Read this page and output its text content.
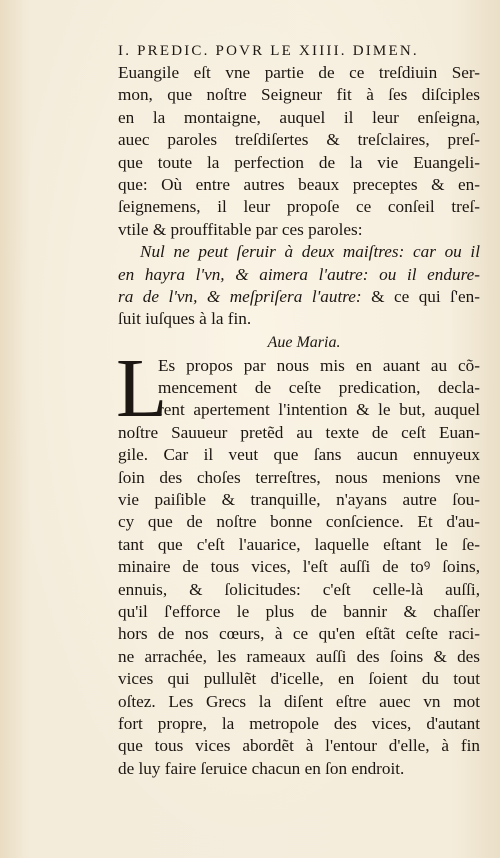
I. PREDIC. POVR LE XIIII. DIMEN.
Euangile eſt vne partie de ce treſdiuin Ser-
mon, que noſtre Seigneur fit à ſes diſciples
en la montaigne, auquel il leur enſeigna,
auec paroles treſdiſertes & treſclaires, preſ-
que toute la perfection de la vie Euangeli-
que: Où entre autres beaux preceptes & en-
ſeignemens, il leur propoſe ce conſeil treſ-
vtile & prouffitable par ces paroles:
Nul ne peut ſeruir à deux maiſtres: car ou il
en hayra l'vn, & aimera l'autre: ou il endure-
ra de l'vn, & meſpriſera l'autre: & ce qui ſ'en-
ſuit iuſques à la fin.
Aue Maria.
L
Es propos par nous mis en auant au cõ-
mencement de ceſte predication, decla-
rent apertement l'intention & le but, auquel
noſtre Sauueur pretẽd au texte de ceſt Euan-
gile. Car il veut que ſans aucun ennuyeux
ſoin des choſes terreſtres, nous menions vne
vie paiſible & tranquille, n'ayans autre ſou-
cy que de noſtre bonne conſcience. Et d'au-
tant que c'eſt l'auarice, laquelle eſtant le ſe-
minaire de tous vices, l'eſt auſſi de toꝰ ſoins,
ennuis, & ſolicitudes: c'eſt celle-là auſſi,
qu'il ſ'efforce le plus de bannir & chaſſer
hors de nos cœurs, à ce qu'en eſtãt ceſte raci-
ne arrachée, les rameaux auſſi des ſoins & des
vices qui pullulẽt d'icelle, en ſoient du tout
oſtez. Les Grecs la diſent eſtre auec vn mot
fort propre, la metropole des vices, d'autant
que tous vices abordẽt à l'entour d'elle, à fin
de luy faire ſeruice chacun en ſon endroit.
